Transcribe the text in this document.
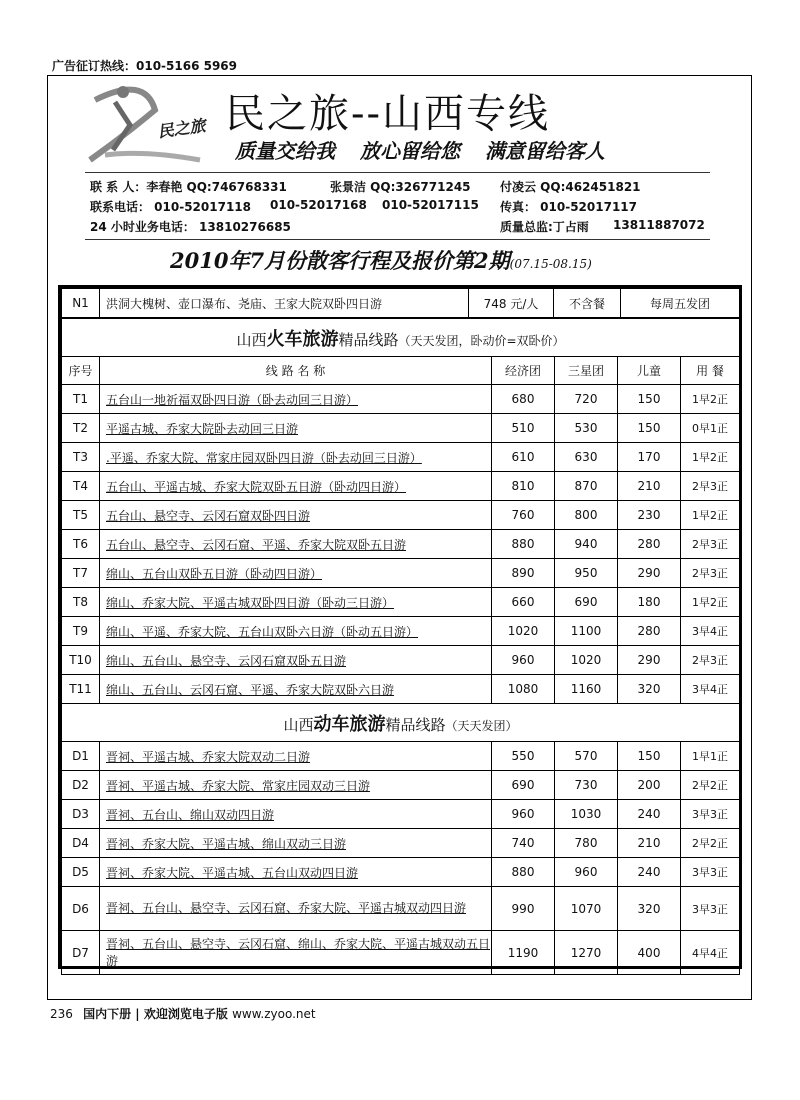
广告征订热线：010-5166 5969
民之旅 民之旅--山西专线
质量交给我 放心留给您 满意留给客人
联 系 人：李春艳 QQ:746768331	张景洁 QQ:326771245 付凌云 QQ:462451821
联系电话： 010-52017118 010-52017168 010-52017115 传真： 010-52017117
24 小时业务电话： 13810276685	质量总监:丁占雨 13811887072
2010年7月份散客行程及报价第2期(07.15-08.15)
N1	洪洞大槐树、壶口瀑布、尧庙、王家大院双卧四日游	748 元/人	不含餐	每周五发团
山西火车旅游精品线路（天天发团，卧动价=双卧价）					
序号	线 路 名 称	经济团	三星团	儿童	用 餐
T1	五台山一地祈福双卧四日游（卧去动回三日游）	680	720	150	1早2正
T2	平遥古城、乔家大院卧去动回三日游	510	530	150	0早1正
T3	.平遥、乔家大院、常家庄园双卧四日游（卧去动回三日游）	610	630	170	1早2正
T4	五台山、平遥古城、乔家大院双卧五日游（卧动四日游）	810	870	210	2早3正
T5	五台山、悬空寺、云冈石窟双卧四日游	760	800	230	1早2正
T6	五台山、悬空寺、云冈石窟、平遥、乔家大院双卧五日游	880	940	280	2早3正
T7	绵山、五台山双卧五日游（卧动四日游）	890	950	290	2早3正
T8	绵山、乔家大院、平遥古城双卧四日游（卧动三日游）	660	690	180	1早2正
T9	绵山、平遥、乔家大院、五台山双卧六日游（卧动五日游）	1020	1100	280	3早4正
T10	绵山、五台山、悬空寺、云冈石窟双卧五日游	960	1020	290	2早3正
T11	绵山、五台山、云冈石窟、平遥、乔家大院双卧六日游	1080	1160	320	3早4正
山西动车旅游精品线路（天天发团）					
D1	晋祠、平遥古城、乔家大院双动二日游	550	570	150	1早1正
D2	晋祠、平遥古城、乔家大院、常家庄园双动三日游	690	730	200	2早2正
D3	晋祠、五台山、绵山双动四日游	960	1030	240	3早3正
D4	晋祠、乔家大院、平遥古城、绵山双动三日游	740	780	210	2早2正
D5	晋祠、乔家大院、平遥古城、五台山双动四日游	880	960	240	3早3正
D6	晋祠、五台山、悬空寺、云冈石窟、乔家大院、平遥古城双动四日游	990	1070	320	3早3正
D7	晋祠、五台山、悬空寺、云冈石窟、绵山、乔家大院、平遥古城双动五日游	1190	1270	400	4早4正
236 国内下册 | 欢迎浏览电子版 www.zyoo.net
